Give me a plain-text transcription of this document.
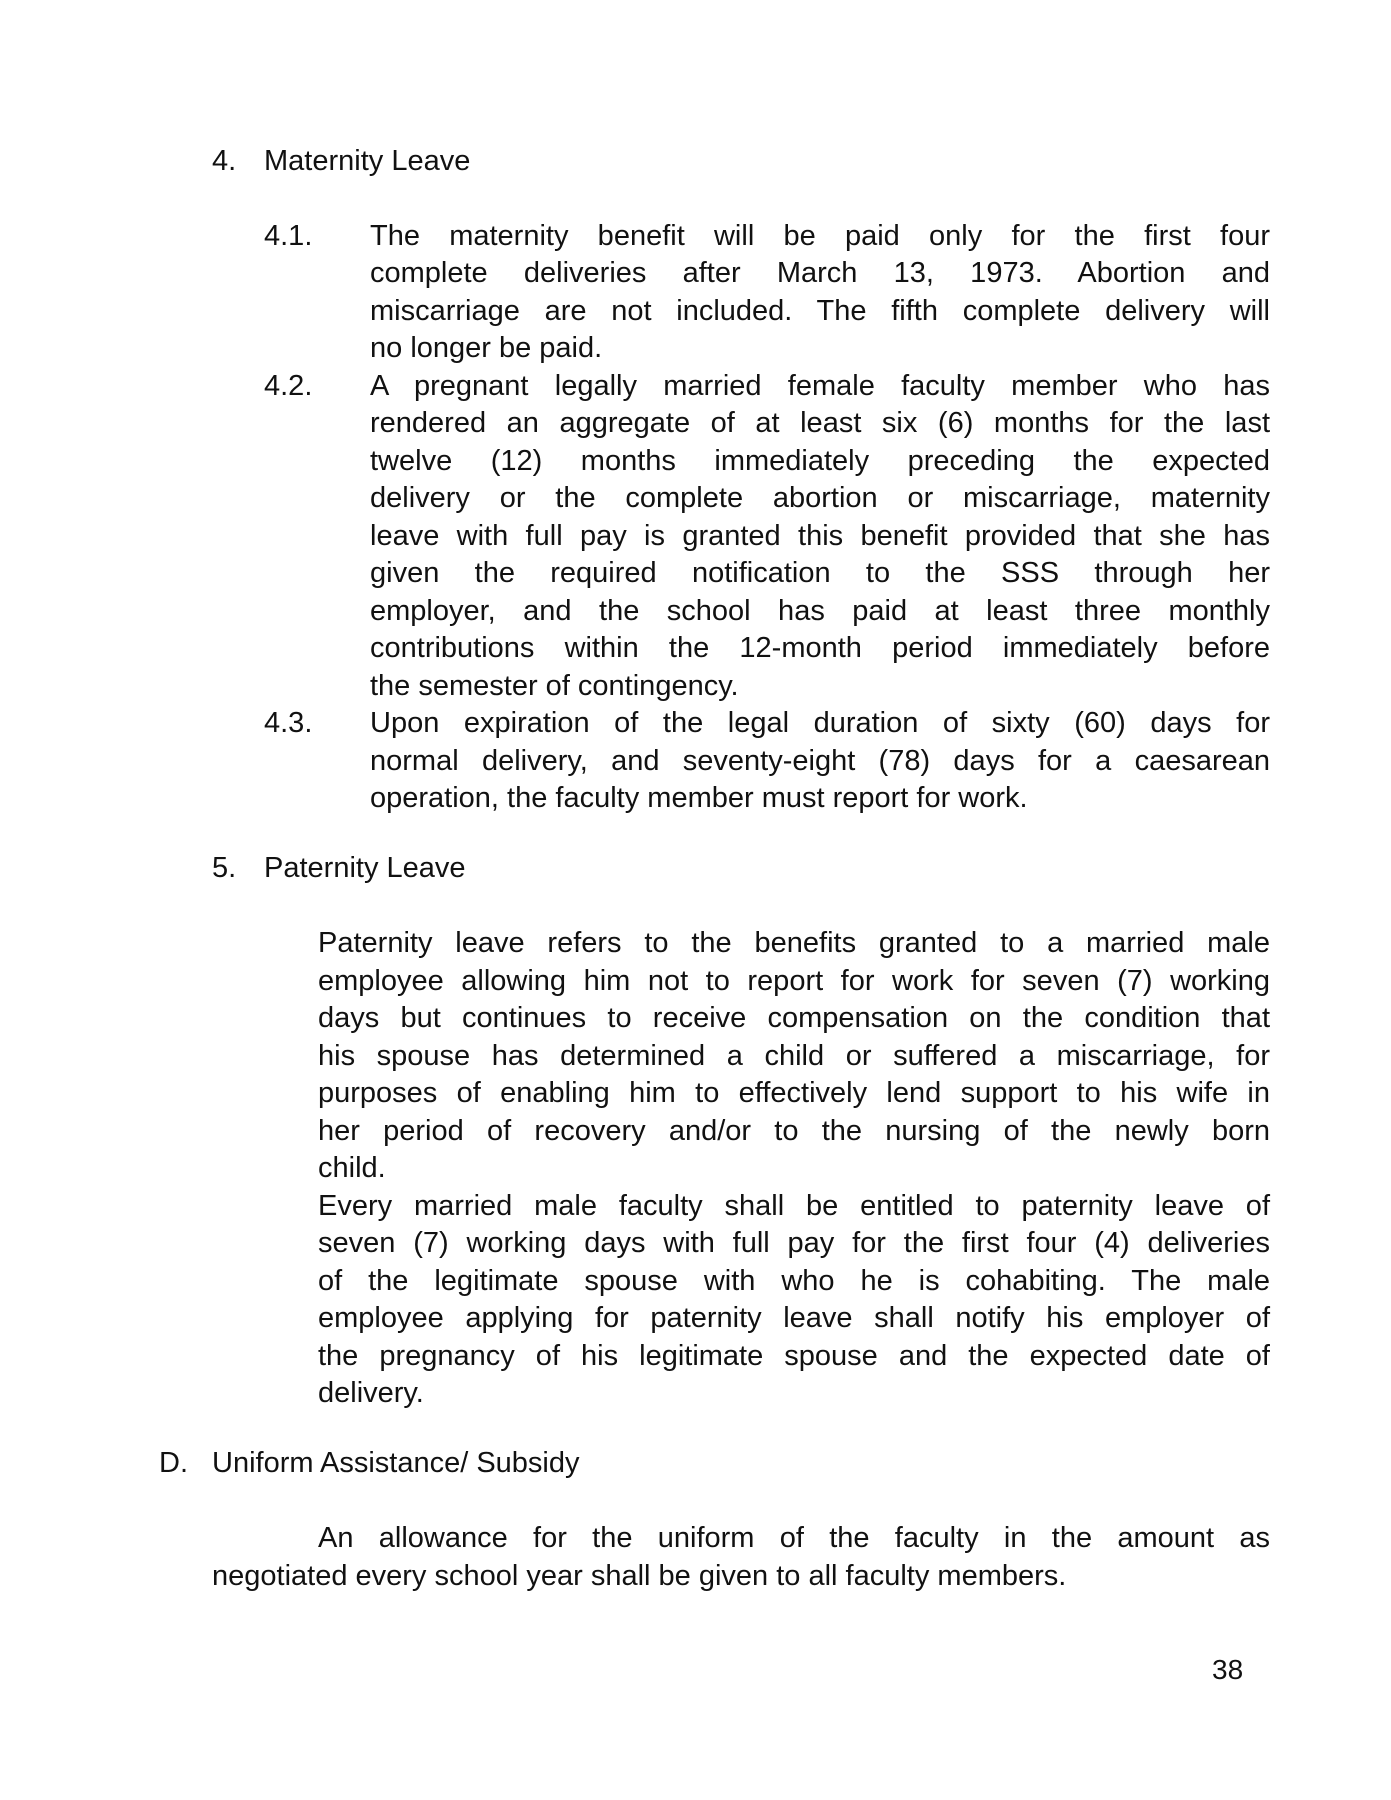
4. Maternity Leave
4.1. The maternity benefit will be paid only for the first four
complete deliveries after March 13, 1973. Abortion and
miscarriage are not included. The fifth complete delivery will
no longer be paid.
4.2. A pregnant legally married female faculty member who has
rendered an aggregate of at least six (6) months for the last
twelve (12) months immediately preceding the expected
delivery or the complete abortion or miscarriage, maternity
leave with full pay is granted this benefit provided that she has
given the required notification to the SSS through her
employer, and the school has paid at least three monthly
contributions within the 12-month period immediately before
the semester of contingency.
4.3. Upon expiration of the legal duration of sixty (60) days for
normal delivery, and seventy-eight (78) days for a caesarean
operation, the faculty member must report for work.
5. Paternity Leave
Paternity leave refers to the benefits granted to a married male
employee allowing him not to report for work for seven (7) working
days but continues to receive compensation on the condition that
his spouse has determined a child or suffered a miscarriage, for
purposes of enabling him to effectively lend support to his wife in
her period of recovery and/or to the nursing of the newly born
child.
Every married male faculty shall be entitled to paternity leave of
seven (7) working days with full pay for the first four (4) deliveries
of the legitimate spouse with who he is cohabiting. The male
employee applying for paternity leave shall notify his employer of
the pregnancy of his legitimate spouse and the expected date of
delivery.
D. Uniform Assistance/ Subsidy
An allowance for the uniform of the faculty in the amount as
negotiated every school year shall be given to all faculty members.
38
